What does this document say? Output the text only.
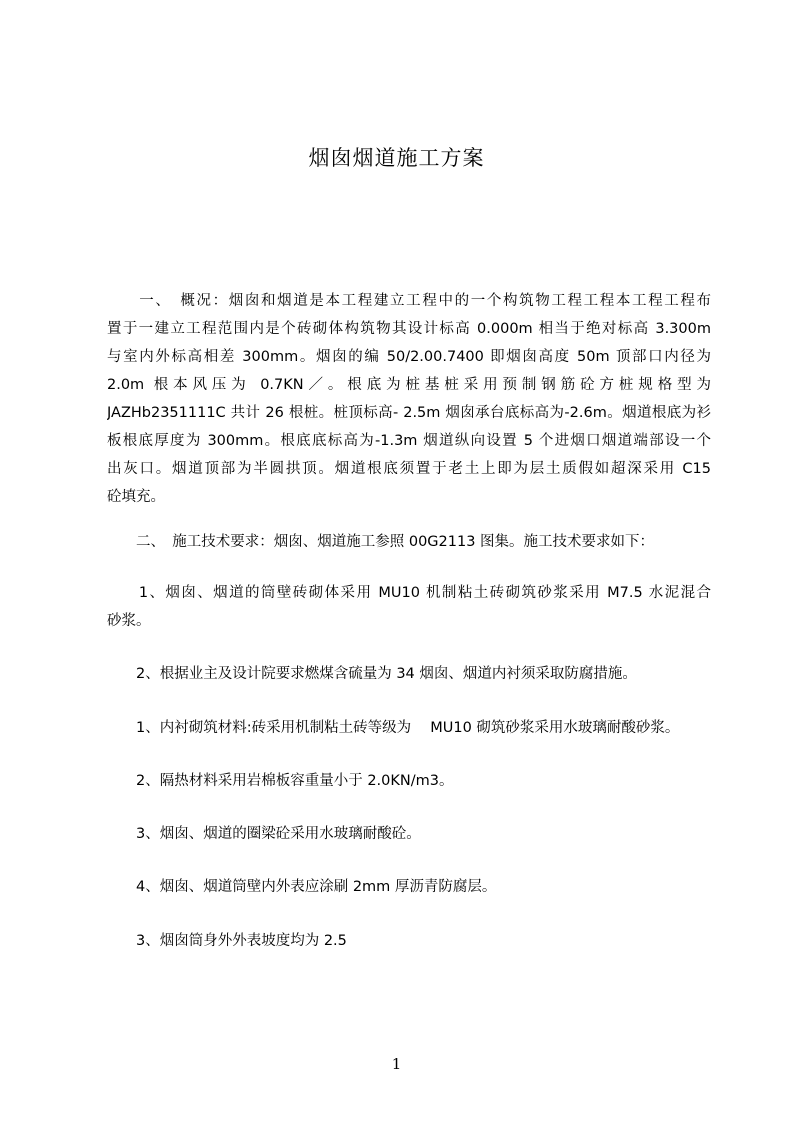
烟囱烟道施工方案
　　一、　概况：烟囱和烟道是本工程建立工程中的一个构筑物工程工程本工程工程布
置于一建立工程范围内是个砖砌体构筑物其设计标高 0.000m 相当于绝对标高 3.300m
与室内外标高相差 300mm。烟囱的编 50/2.00.7400 即烟囱高度 50m 顶部口内径为
2.0m 根本风压为 0.7KN／。根底为桩基桩采用预制钢筋砼方桩规格型为
JAZHb2351111C 共计 26 根桩。桩顶标高- 2.5m 烟囱承台底标高为-2.6m。烟道根底为衫
板根底厚度为 300mm。根底底标高为-1.3m 烟道纵向设置 5 个进烟口烟道端部设一个
出灰口。烟道顶部为半圆拱顶。烟道根底须置于老土上即为层土质假如超深采用 C15
砼填充。
　　二、　施工技术要求：烟囱、烟道施工参照 00G2113 图集。施工技术要求如下：
　　1、烟囱、烟道的筒壁砖砌体采用 MU10 机制粘土砖砌筑砂浆采用 M7.5 水泥混合
砂浆。
　　2、根据业主及设计院要求燃煤含硫量为 34 烟囱、烟道内衬须采取防腐措施。
　　1、内衬砌筑材料:砖采用机制粘土砖等级为　 MU10 砌筑砂浆采用水玻璃耐酸砂浆。
　　2、隔热材料采用岩棉板容重量小于 2.0KN/m3。
　　3、烟囱、烟道的圈梁砼采用水玻璃耐酸砼。
　　4、烟囱、烟道筒壁内外表应涂刷 2mm 厚沥青防腐层。
　　3、烟囱筒身外外表坡度均为 2.5
1
